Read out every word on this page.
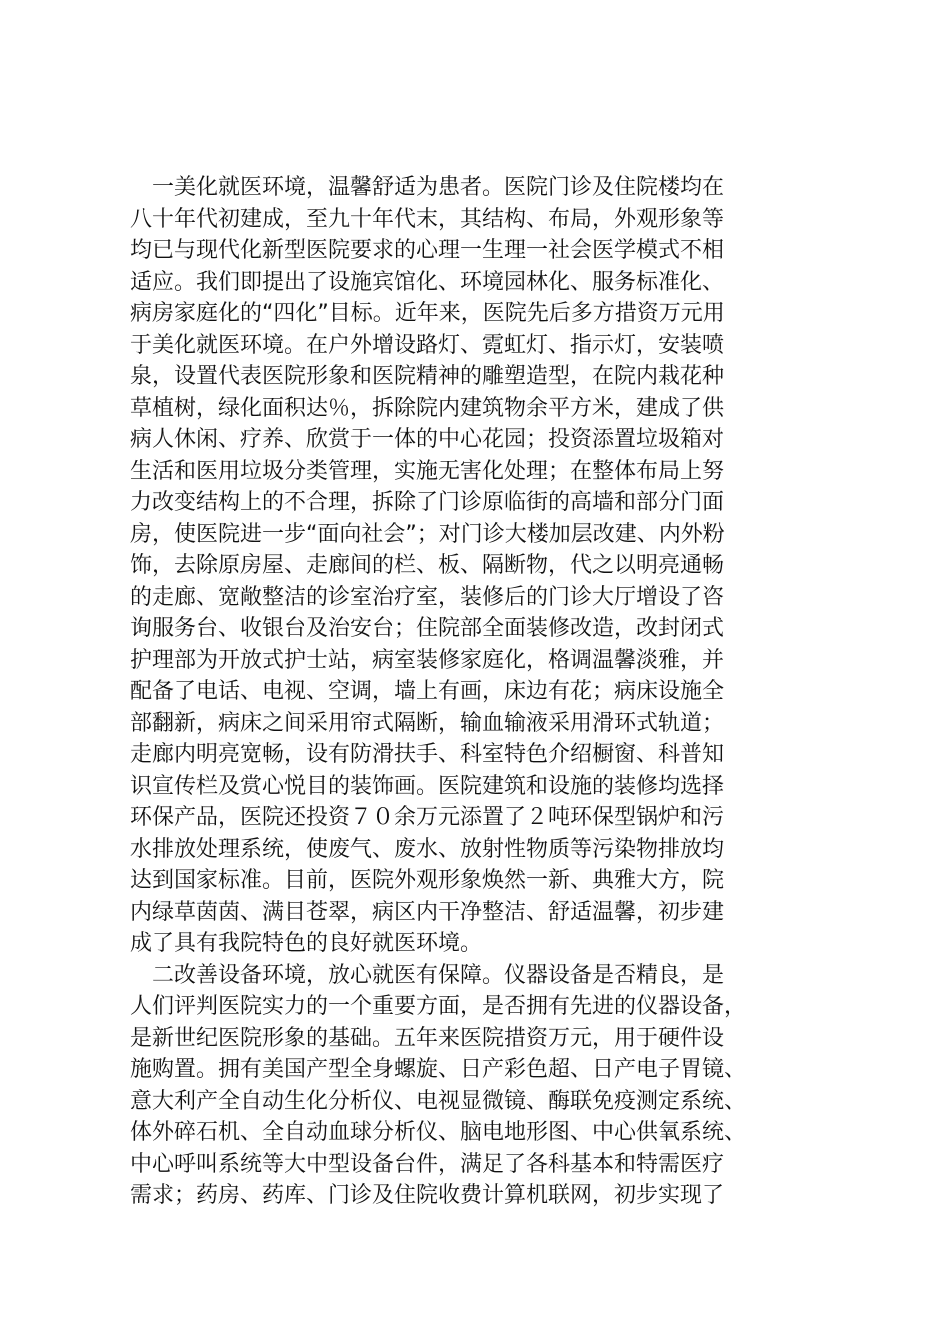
　一美化就医环境，温馨舒适为患者。医院门诊及住院楼均在
八十年代初建成，至九十年代末，其结构、布局，外观形象等
均已与现代化新型医院要求的心理一生理一社会医学模式不相
适应。我们即提出了设施宾馆化、环境园林化、服务标准化、
病房家庭化的“四化”目标。近年来，医院先后多方措资万元用
于美化就医环境。在户外增设路灯、霓虹灯、指示灯，安装喷
泉，设置代表医院形象和医院精神的雕塑造型，在院内栽花种
草植树，绿化面积达％，拆除院内建筑物余平方米，建成了供
病人休闲、疗养、欣赏于一体的中心花园；投资添置垃圾箱对
生活和医用垃圾分类管理，实施无害化处理；在整体布局上努
力改变结构上的不合理，拆除了门诊原临街的高墙和部分门面
房，使医院进一步“面向社会”；对门诊大楼加层改建、内外粉
饰，去除原房屋、走廊间的栏、板、隔断物，代之以明亮通畅
的走廊、宽敞整洁的诊室治疗室，装修后的门诊大厅增设了咨
询服务台、收银台及治安台；住院部全面装修改造，改封闭式
护理部为开放式护士站，病室装修家庭化，格调温馨淡雅，并
配备了电话、电视、空调，墙上有画，床边有花；病床设施全
部翻新，病床之间采用帘式隔断，输血输液采用滑环式轨道；
走廊内明亮宽畅，设有防滑扶手、科室特色介绍橱窗、科普知
识宣传栏及赏心悦目的装饰画。医院建筑和设施的装修均选择
环保产品，医院还投资７０余万元添置了２吨环保型锅炉和污
水排放处理系统，使废气、废水、放射性物质等污染物排放均
达到国家标准。目前，医院外观形象焕然一新、典雅大方，院
内绿草茵茵、满目苍翠，病区内干净整洁、舒适温馨，初步建
成了具有我院特色的良好就医环境。
　二改善设备环境，放心就医有保障。仪器设备是否精良，是
人们评判医院实力的一个重要方面，是否拥有先进的仪器设备，
是新世纪医院形象的基础。五年来医院措资万元，用于硬件设
施购置。拥有美国产型全身螺旋、日产彩色超、日产电子胃镜、
意大利产全自动生化分析仪、电视显微镜、酶联免疫测定系统、
体外碎石机、全自动血球分析仪、脑电地形图、中心供氧系统、
中心呼叫系统等大中型设备台件，满足了各科基本和特需医疗
需求；药房、药库、门诊及住院收费计算机联网，初步实现了
